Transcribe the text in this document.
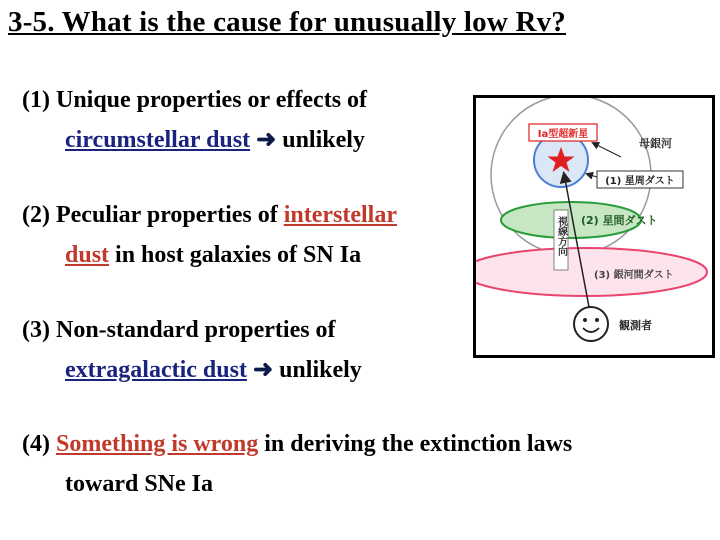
3-5. What is the cause for unusually low Rv?
(1) Unique properties or effects of
circumstellar dust ➜ unlikely
(2) Peculiar properties of interstellar
dust in host galaxies of SN Ia
(3) Non-standard properties of
extragalactic dust ➜ unlikely
(4) Something is wrong in deriving the extinction laws
toward SNe Ia
Ia型超新星
母銀河
(1) 星周ダスト
(2) 星間ダスト
(3) 銀河間ダスト
視線方向
観測者
